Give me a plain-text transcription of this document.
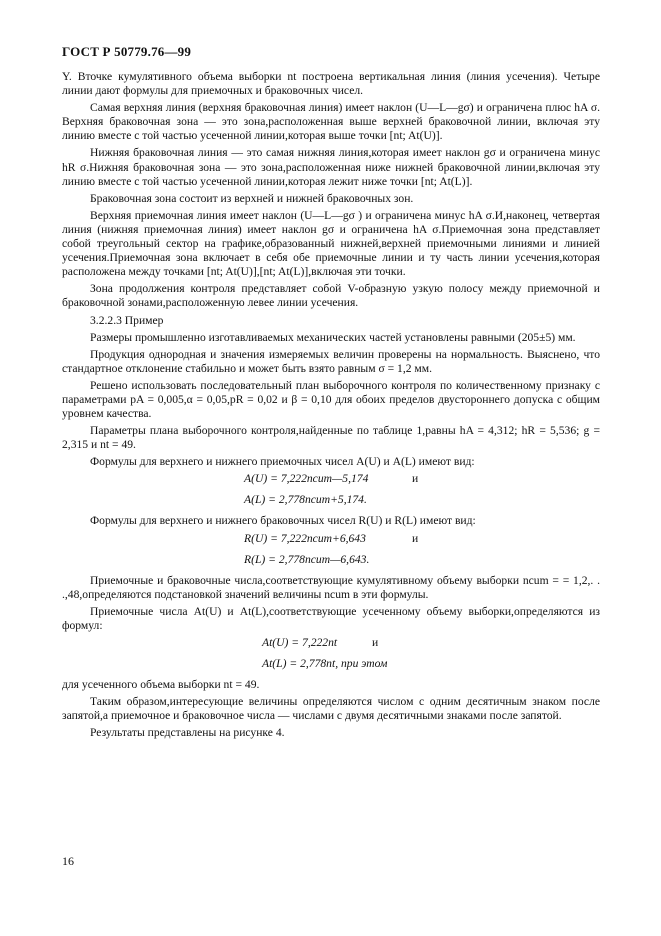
ГОСТ Р 50779.76—99

Y. Вточке кумулятивного объема выборки nt построена вертикальная линия (линия усечения). Четыре линии дают формулы для приемочных и браковочных чисел.

Самая верхняя линия (верхняя браковочная линия) имеет наклон (U—L—gσ) и ограничена плюс hA σ. Верхняя браковочная зона — это зона,расположенная выше верхней браковочной линии, включая эту линию вместе с той частью усеченной линии,которая выше точки [nt; At(U)].

Нижняя браковочная линия — это самая нижняя линия,которая имеет наклон gσ и ограничена минус hR σ.Нижняя браковочная зона — это зона,расположенная ниже нижней браковочной линии,включая эту линию вместе с той частью усеченной линии,которая лежит ниже точки [nt; At(L)].

Браковочная зона состоит из верхней и нижней браковочных зон.

Верхняя приемочная линия имеет наклон (U—L—gσ ) и ограничена минус hA σ.И,наконец, четвертая линия (нижняя приемочная линия) имеет наклон gσ и ограничена hA σ.Приемочная зона представляет собой треугольный сектор на графике,образованный нижней,верхней приемочными линиями и линией усечения.Приемочная зона включает в себя обе приемочные линии и ту часть линии усечения,которая расположена между точками [nt; At(U)],[nt; At(L)],включая эти точки.

Зона продолжения контроля представляет собой V-образную узкую полосу между приемочной и браковочной зонами,расположенную левее линии усечения.

3.2.2.3 Пример

Размеры промышленно изготавливаемых механических частей установлены равными (205±5) мм.

Продукция однородная и значения измеряемых величин проверены на нормальность. Выяснено, что стандартное отклонение стабильно и может быть взято равным σ = 1,2 мм.

Решено использовать последовательный план выборочного контроля по количественному признаку с параметрами pA = 0,005,α = 0,05,pR = 0,02 и β = 0,10 для обоих пределов двустороннего допуска с общим уровнем качества.

Параметры плана выборочного контроля,найденные по таблице 1,равны hA = 4,312; hR = 5,536; g = 2,315 и nt = 49.

Формулы для верхнего и нижнего приемочных чисел A(U) и A(L) имеют вид:

A(U) = 7,222ncum—5,174	и
A(L) = 2,778ncum+5,174.

Формулы для верхнего и нижнего браковочных чисел R(U) и R(L) имеют вид:

R(U) = 7,222ncum+6,643	и
R(L) = 2,778ncum—6,643.

Приемочные и браковочные числа,соответствующие кумулятивному объему выборки ncum = = 1,2,. . .,48,определяются подстановкой значений величины ncum в эти формулы.

Приемочные числа At(U) и At(L),соответствующие усеченному объему выборки,определяются из формул:

At(U) = 7,222nt	и
At(L) = 2,778nt, при этом

для усеченного объема выборки nt = 49.

Таким образом,интересующие величины определяются числом с одним десятичным знаком после запятой,а приемочное и браковочное числа — числами с двумя десятичными знаками после запятой.

Результаты представлены на рисунке 4.

16
